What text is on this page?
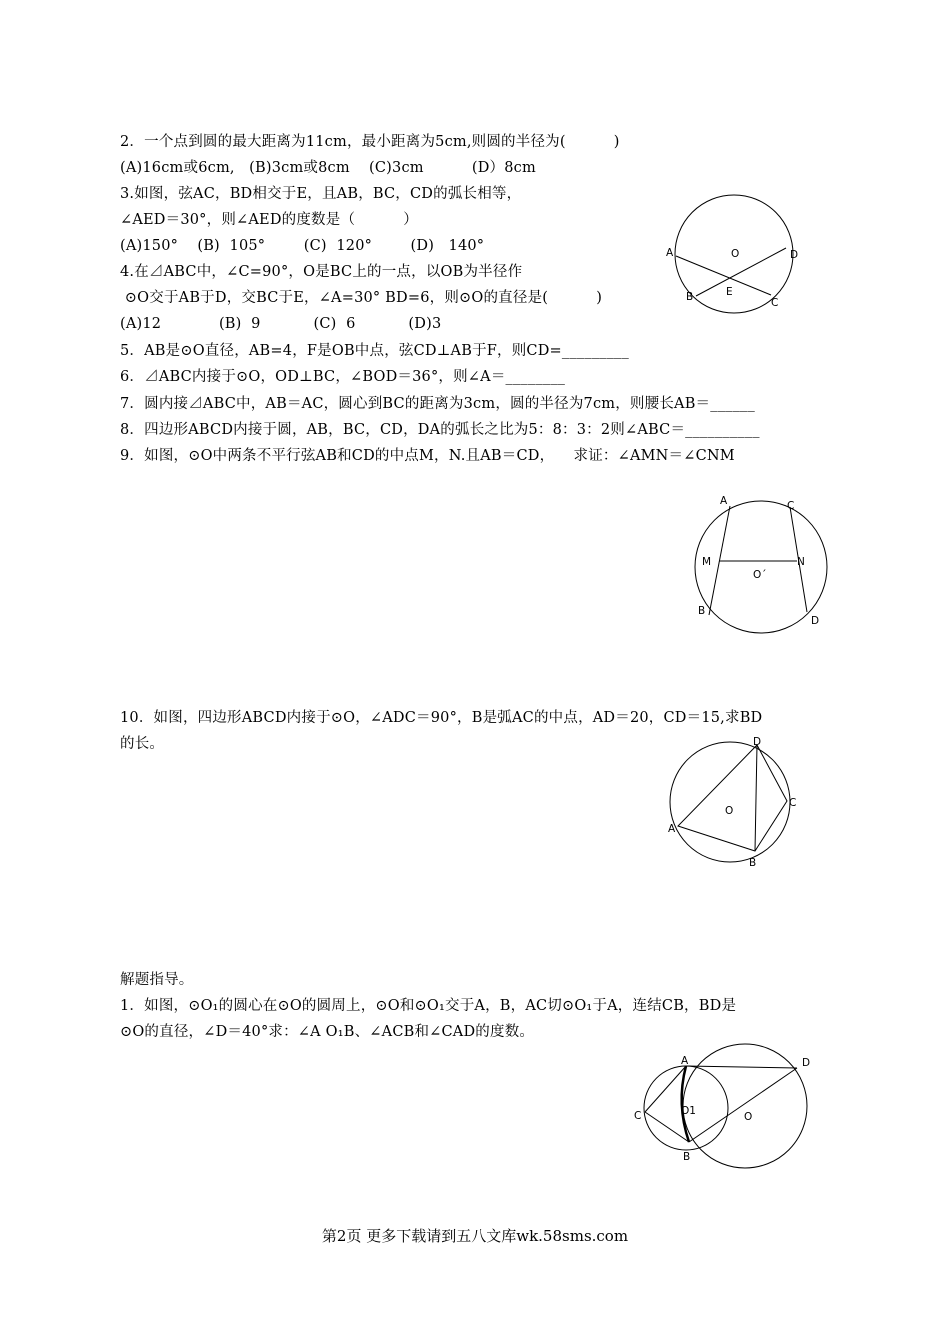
2．一个点到圆的最大距离为11cm，最小距离为5cm,则圆的半径为(          )
(A)16cm或6cm,   (B)3cm或8cm    (C)3cm          (D）8cm
3.如图，弦AC，BD相交于E，且AB，BC，CD的弧长相等，
∠AED＝30°，则∠AED的度数是（          ）
(A)150°    (B)  105°        (C)  120°        (D)   140°
4.在⊿ABC中，∠C=90°，O是BC上的一点，以OB为半径作
⊙O交于AB于D，交BC于E，∠A=30° BD=6，则⊙O的直径是(          )
(A)12            (B)  9           (C)  6           (D)3
5．AB是⊙O直径，AB=4，F是OB中点，弦CD⊥AB于F，则CD=_________
6．⊿ABC内接于⊙O，OD⊥BC，∠BOD＝36°，则∠A＝________
7．圆内接⊿ABC中，AB＝AC，圆心到BC的距离为3cm，圆的半径为7cm，则腰长AB＝______
8．四边形ABCD内接于圆，AB，BC，CD，DA的弧长之比为5：8：3：2则∠ABC＝__________
9．如图，⊙O中两条不平行弦AB和CD的中点M，N.且AB＝CD，    求证：∠AMN＝∠CNM
10．如图，四边形ABCD内接于⊙O，∠ADC＝90°，B是弧AC的中点，AD＝20，CD＝15,求BD
的长。
解题指导。
1．如图，⊙O₁的圆心在⊙O的圆周上，⊙O和⊙O₁交于A，B，AC切⊙O₁于A，连结CB，BD是
⊙O的直径，∠D＝40°求：∠A O₁B、∠ACB和∠CAD的度数。
A	O	D
E
B	C
A	C
M	N
O´
B
D
D
O
C
A
B
A	D
C	O1	O
B
第2页 更多下载请到五八文库wk.58sms.com
